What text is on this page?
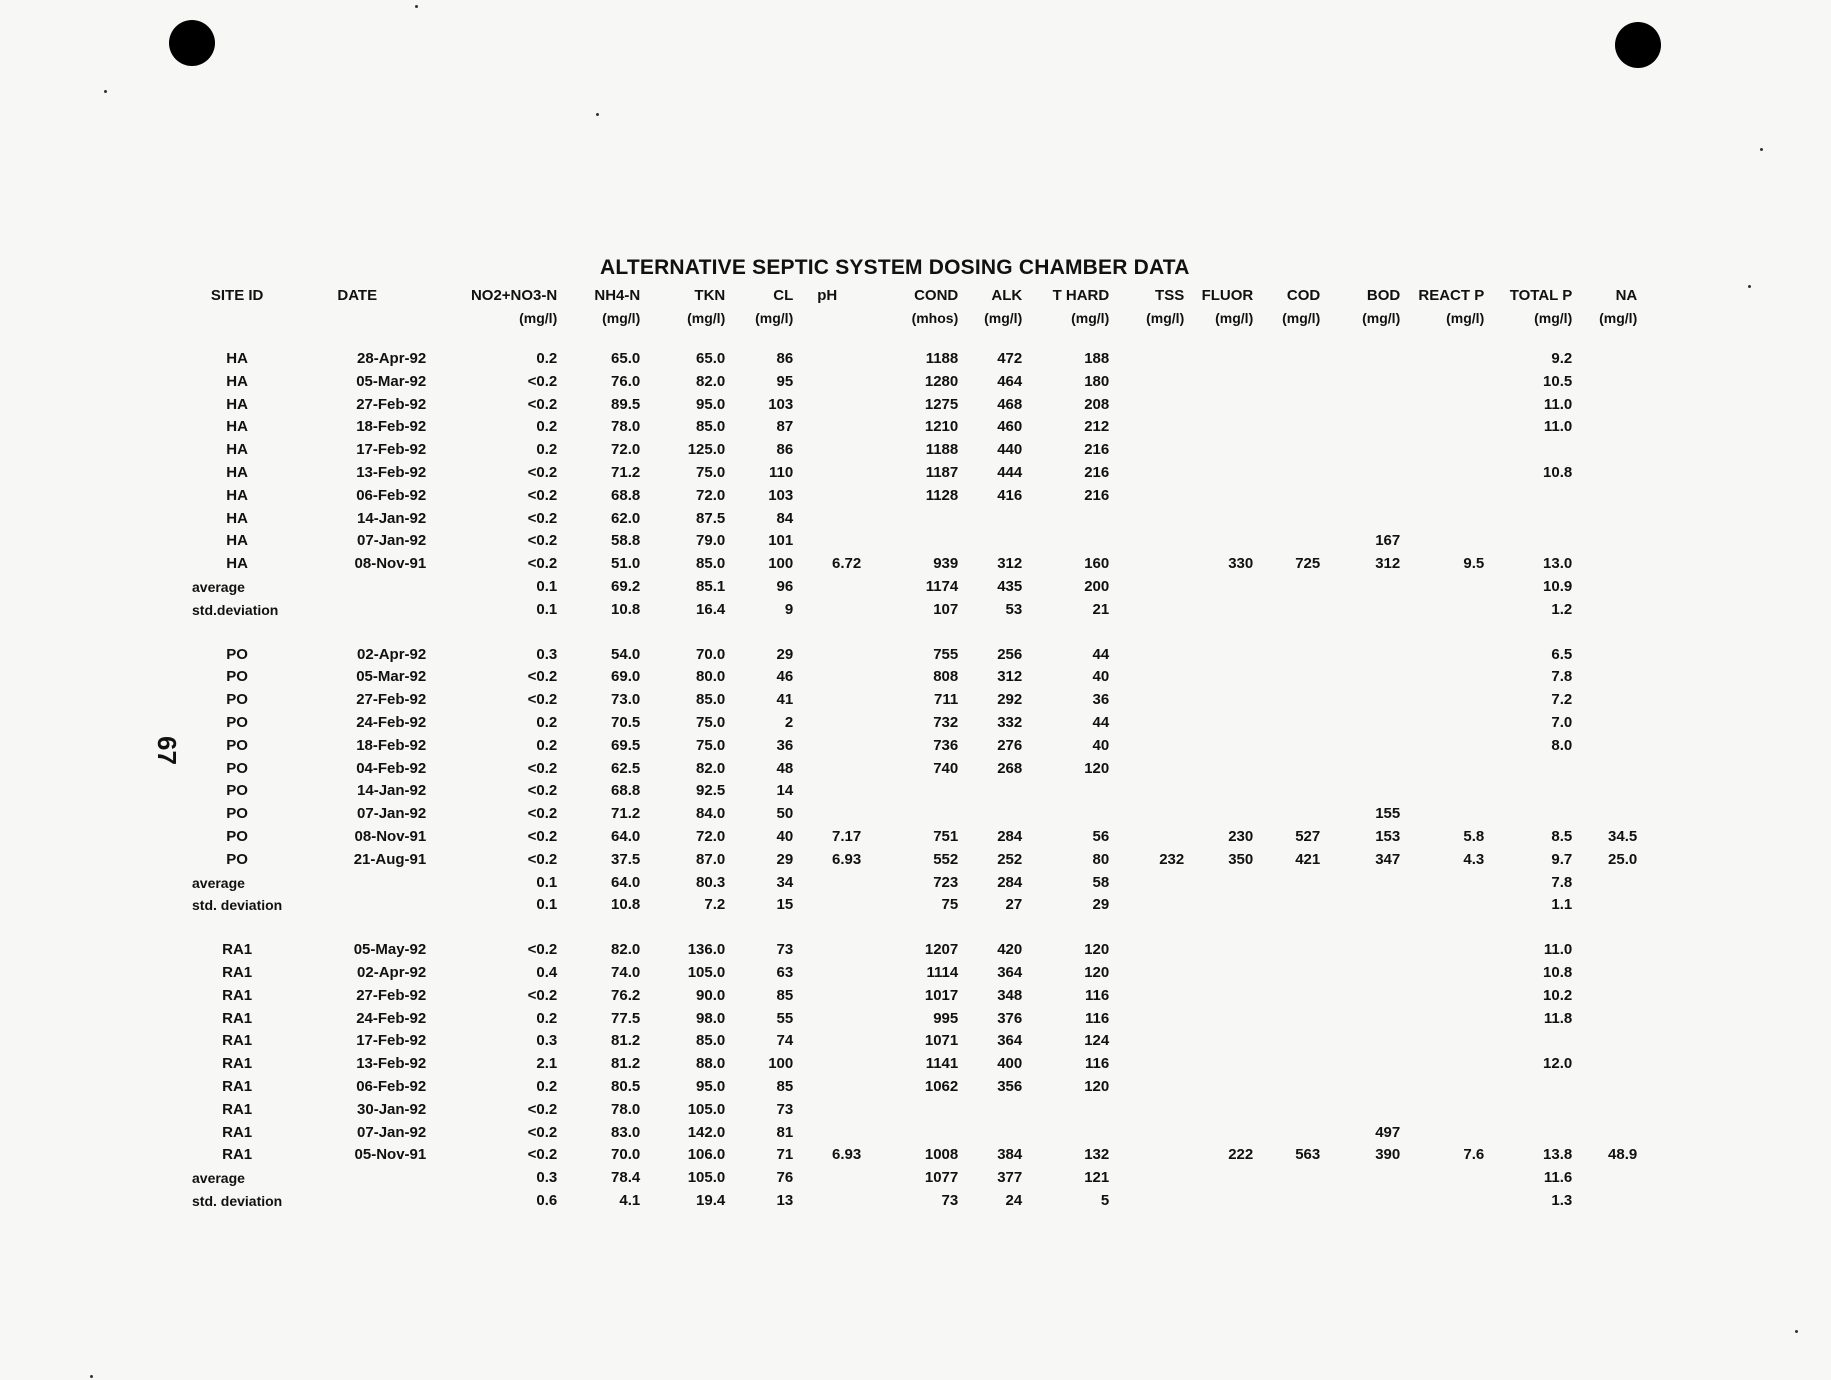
67
ALTERNATIVE SEPTIC SYSTEM DOSING CHAMBER DATA
SITE ID	DATE	NO2+NO3-N	NH4-N	TKN	CL	pH	COND	ALK	T HARD	TSS	FLUOR	COD	BOD	REACT P	TOTAL P	NA
		(mg/l)	(mg/l)	(mg/l)	(mg/l)		(mhos)	(mg/l)	(mg/l)	(mg/l)	(mg/l)	(mg/l)	(mg/l)	(mg/l)	(mg/l)	(mg/l)

HA	28-Apr-92	0.2	65.0	65.0	86		1188	472	188						9.2	
HA	05-Mar-92	<0.2	76.0	82.0	95		1280	464	180						10.5	
HA	27-Feb-92	<0.2	89.5	95.0	103		1275	468	208						11.0	
HA	18-Feb-92	0.2	78.0	85.0	87		1210	460	212						11.0	
HA	17-Feb-92	0.2	72.0	125.0	86		1188	440	216							
HA	13-Feb-92	<0.2	71.2	75.0	110		1187	444	216						10.8	
HA	06-Feb-92	<0.2	68.8	72.0	103		1128	416	216							
HA	14-Jan-92	<0.2	62.0	87.5	84											
HA	07-Jan-92	<0.2	58.8	79.0	101								167			
HA	08-Nov-91	<0.2	51.0	85.0	100	6.72	939	312	160		330	725	312	9.5	13.0	
average		0.1	69.2	85.1	96		1174	435	200						10.9	
std.deviation		0.1	10.8	16.4	9		107	53	21						1.2	

PO	02-Apr-92	0.3	54.0	70.0	29		755	256	44						6.5	
PO	05-Mar-92	<0.2	69.0	80.0	46		808	312	40						7.8	
PO	27-Feb-92	<0.2	73.0	85.0	41		711	292	36						7.2	
PO	24-Feb-92	0.2	70.5	75.0	2		732	332	44						7.0	
PO	18-Feb-92	0.2	69.5	75.0	36		736	276	40						8.0	
PO	04-Feb-92	<0.2	62.5	82.0	48		740	268	120							
PO	14-Jan-92	<0.2	68.8	92.5	14											
PO	07-Jan-92	<0.2	71.2	84.0	50								155			
PO	08-Nov-91	<0.2	64.0	72.0	40	7.17	751	284	56		230	527	153	5.8	8.5	34.5
PO	21-Aug-91	<0.2	37.5	87.0	29	6.93	552	252	80	232	350	421	347	4.3	9.7	25.0
average		0.1	64.0	80.3	34		723	284	58						7.8	
std. deviation		0.1	10.8	7.2	15		75	27	29						1.1	

RA1	05-May-92	<0.2	82.0	136.0	73		1207	420	120						11.0	
RA1	02-Apr-92	0.4	74.0	105.0	63		1114	364	120						10.8	
RA1	27-Feb-92	<0.2	76.2	90.0	85		1017	348	116						10.2	
RA1	24-Feb-92	0.2	77.5	98.0	55		995	376	116						11.8	
RA1	17-Feb-92	0.3	81.2	85.0	74		1071	364	124							
RA1	13-Feb-92	2.1	81.2	88.0	100		1141	400	116						12.0	
RA1	06-Feb-92	0.2	80.5	95.0	85		1062	356	120							
RA1	30-Jan-92	<0.2	78.0	105.0	73											
RA1	07-Jan-92	<0.2	83.0	142.0	81								497			
RA1	05-Nov-91	<0.2	70.0	106.0	71	6.93	1008	384	132		222	563	390	7.6	13.8	48.9
average		0.3	78.4	105.0	76		1077	377	121						11.6	
std. deviation		0.6	4.1	19.4	13		73	24	5						1.3	
